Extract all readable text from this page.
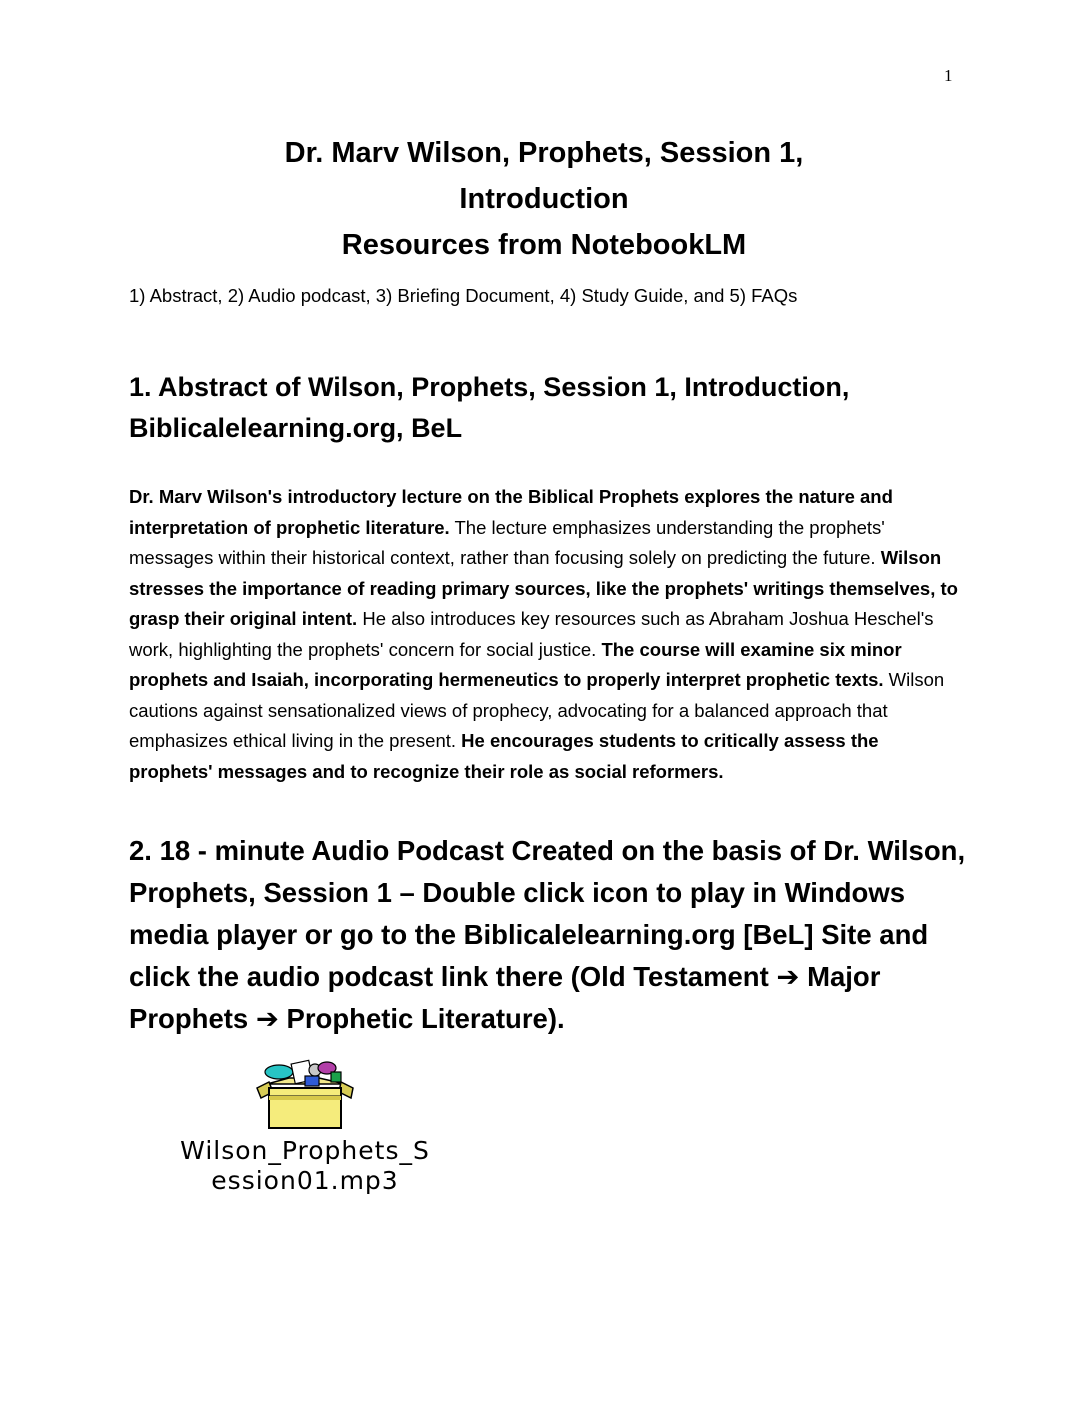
1
Dr. Marv Wilson, Prophets, Session 1,
Introduction
Resources from NotebookLM
1) Abstract, 2) Audio podcast, 3) Briefing Document, 4) Study Guide, and 5) FAQs
1. Abstract of Wilson, Prophets, Session 1, Introduction, Biblicalelearning.org, BeL
Dr. Marv Wilson's introductory lecture on the Biblical Prophets explores the nature and interpretation of prophetic literature. The lecture emphasizes understanding the prophets' messages within their historical context, rather than focusing solely on predicting the future. Wilson stresses the importance of reading primary sources, like the prophets' writings themselves, to grasp their original intent. He also introduces key resources such as Abraham Joshua Heschel's work, highlighting the prophets' concern for social justice. The course will examine six minor prophets and Isaiah, incorporating hermeneutics to properly interpret prophetic texts. Wilson cautions against sensationalized views of prophecy, advocating for a balanced approach that emphasizes ethical living in the present. He encourages students to critically assess the prophets' messages and to recognize their role as social reformers.
2. 18 - minute Audio Podcast Created on the basis of Dr. Wilson, Prophets, Session 1 – Double click icon to play in Windows media player or go to the Biblicalelearning.org [BeL] Site and click the audio podcast link there (Old Testament ➔ Major Prophets ➔ Prophetic Literature).
Wilson_Prophets_S
ession01.mp3
